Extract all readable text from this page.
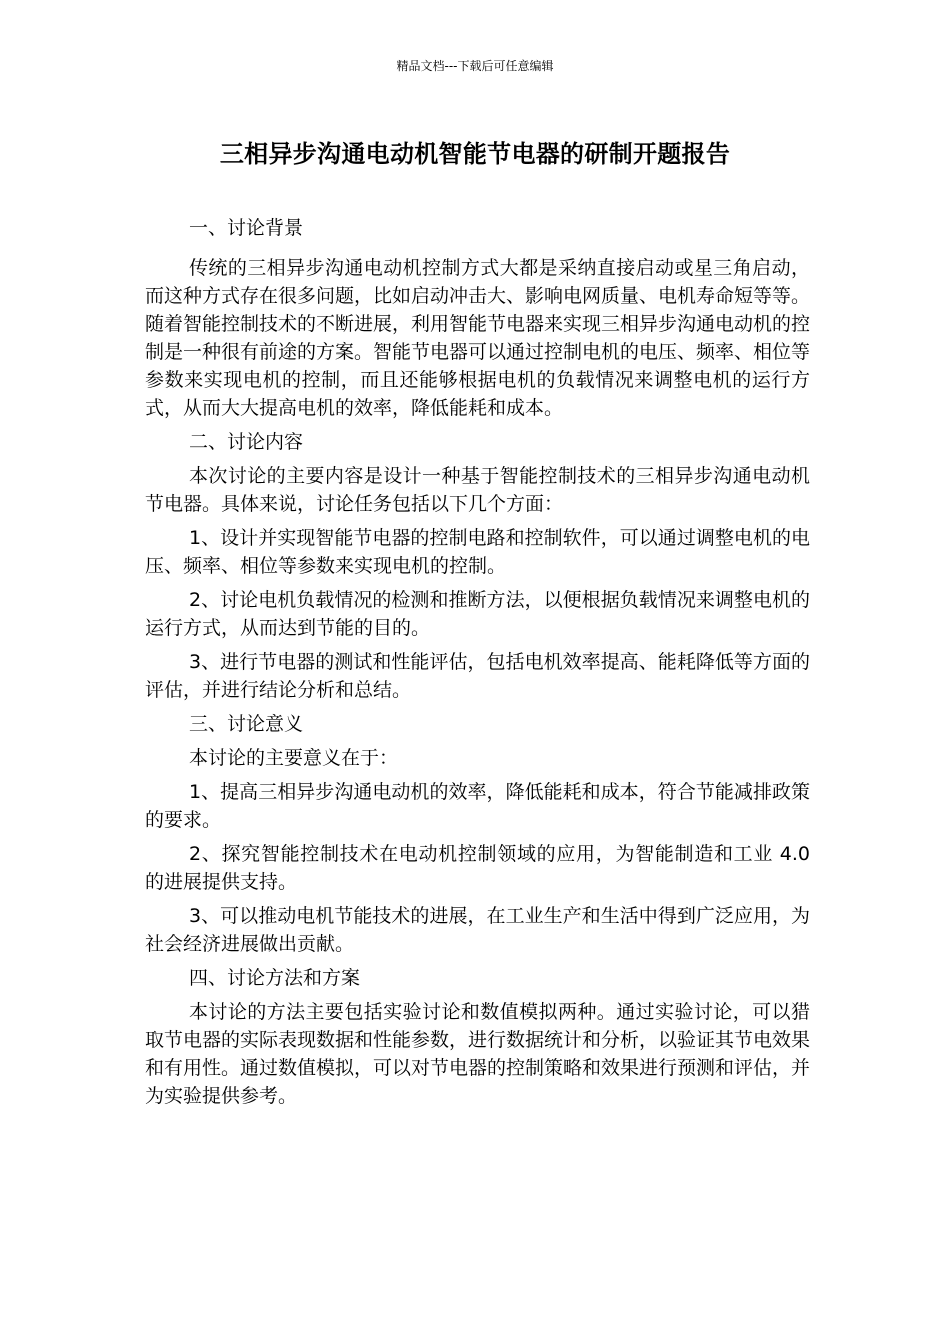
精品文档---下载后可任意编辑
三相异步沟通电动机智能节电器的研制开题报告

一、讨论背景

传统的三相异步沟通电动机控制方式大都是采纳直接启动或星三角启动，而这种方式存在很多问题，比如启动冲击大、影响电网质量、电机寿命短等等。随着智能控制技术的不断进展，利用智能节电器来实现三相异步沟通电动机的控制是一种很有前途的方案。智能节电器可以通过控制电机的电压、频率、相位等参数来实现电机的控制，而且还能够根据电机的负载情况来调整电机的运行方式，从而大大提高电机的效率，降低能耗和成本。

二、讨论内容

本次讨论的主要内容是设计一种基于智能控制技术的三相异步沟通电动机节电器。具体来说，讨论任务包括以下几个方面：

1、设计并实现智能节电器的控制电路和控制软件，可以通过调整电机的电压、频率、相位等参数来实现电机的控制。

2、讨论电机负载情况的检测和推断方法，以便根据负载情况来调整电机的运行方式，从而达到节能的目的。

3、进行节电器的测试和性能评估，包括电机效率提高、能耗降低等方面的评估，并进行结论分析和总结。

三、讨论意义

本讨论的主要意义在于：

1、提高三相异步沟通电动机的效率，降低能耗和成本，符合节能减排政策的要求。

2、探究智能控制技术在电动机控制领域的应用，为智能制造和工业 4.0 的进展提供支持。

3、可以推动电机节能技术的进展，在工业生产和生活中得到广泛应用，为社会经济进展做出贡献。

四、讨论方法和方案

本讨论的方法主要包括实验讨论和数值模拟两种。通过实验讨论，可以猎取节电器的实际表现数据和性能参数，进行数据统计和分析，以验证其节电效果和有用性。通过数值模拟，可以对节电器的控制策略和效果进行预测和评估，并为实验提供参考。
